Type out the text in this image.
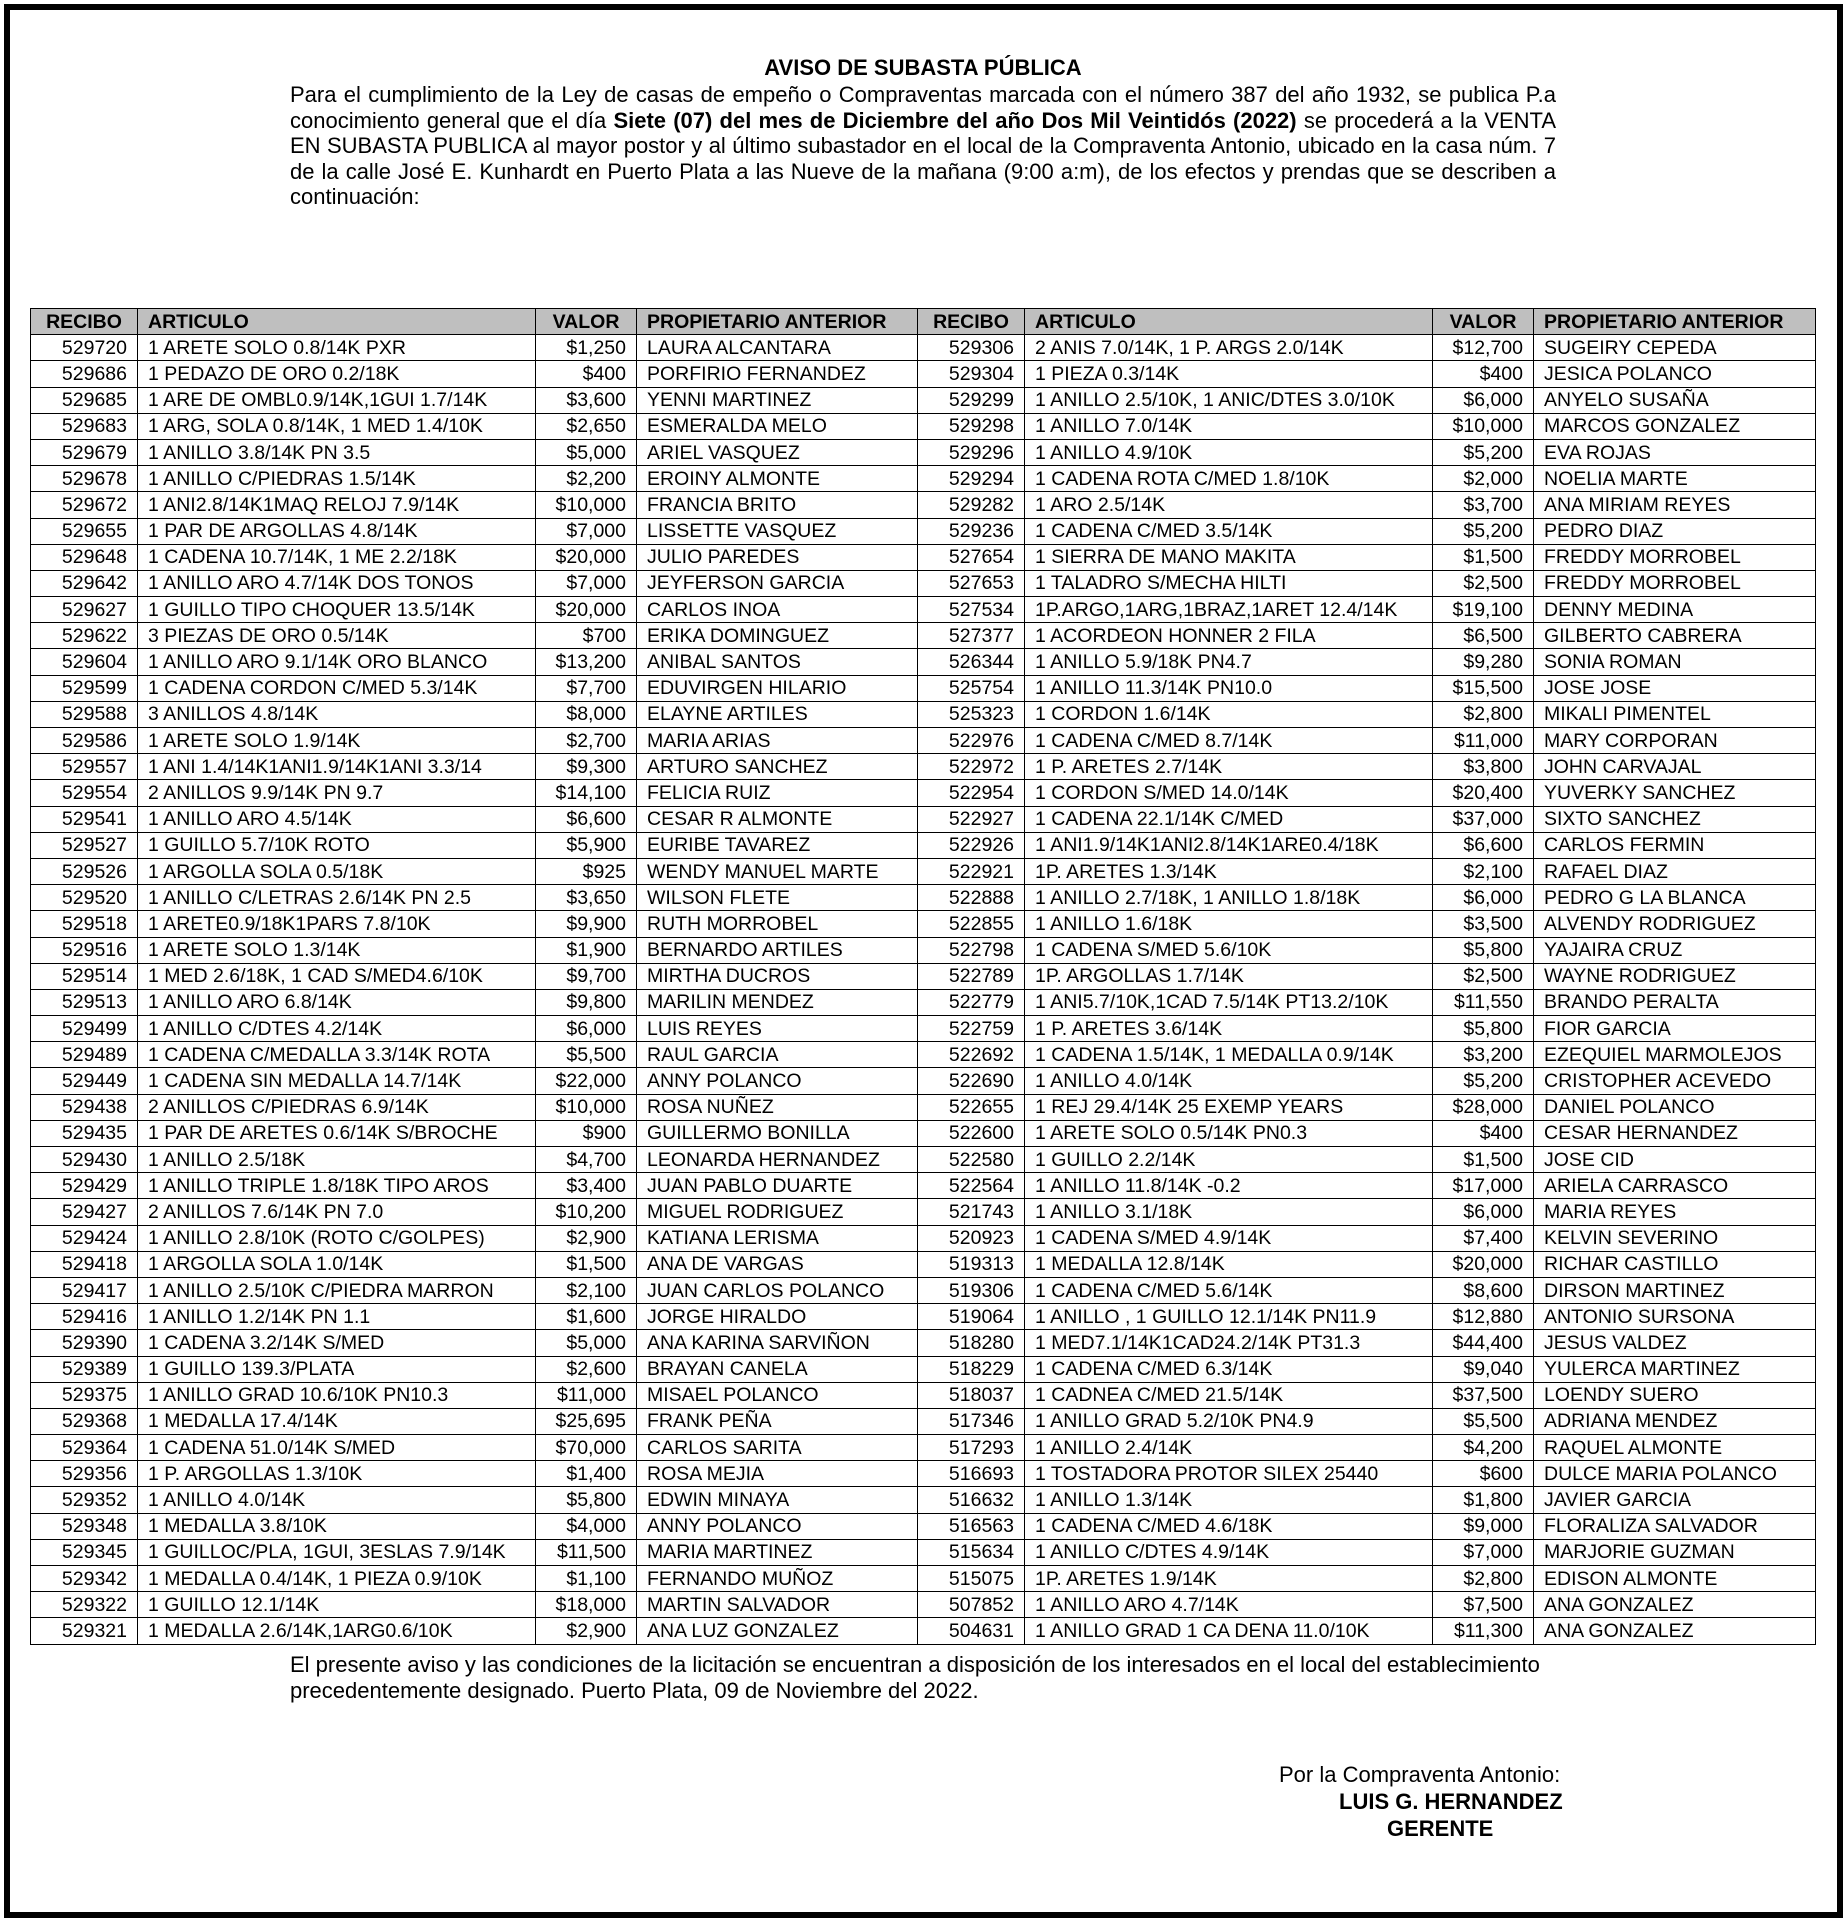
AVISO DE SUBASTA PÚBLICA

Para el cumplimiento de la Ley de casas de empeño o Compraventas marcada con el número 387 del año 1932, se publica P.a conocimiento general que el día Siete (07) del mes de Diciembre del año Dos Mil Veintidós (2022) se procederá a la VENTA EN SUBASTA PUBLICA al mayor postor y al último subastador en el local de la Compraventa Antonio, ubicado en la casa núm. 7 de la calle José E. Kunhardt en Puerto Plata a las Nueve de la mañana (9:00 a:m), de los efectos y prendas que se describen a continuación:

RECIBO	ARTICULO	VALOR	PROPIETARIO ANTERIOR	RECIBO	ARTICULO	VALOR	PROPIETARIO ANTERIOR
529720	1 ARETE SOLO 0.8/14K PXR	$1,250	LAURA ALCANTARA	529306	2 ANIS 7.0/14K, 1 P. ARGS 2.0/14K	$12,700	SUGEIRY CEPEDA
529686	1 PEDAZO DE ORO 0.2/18K	$400	PORFIRIO FERNANDEZ	529304	1 PIEZA 0.3/14K	$400	JESICA POLANCO
529685	1 ARE DE OMBL0.9/14K,1GUI 1.7/14K	$3,600	YENNI MARTINEZ	529299	1 ANILLO 2.5/10K, 1 ANIC/DTES 3.0/10K	$6,000	ANYELO SUSAÑA
529683	1 ARG, SOLA 0.8/14K, 1 MED 1.4/10K	$2,650	ESMERALDA MELO	529298	1 ANILLO 7.0/14K	$10,000	MARCOS GONZALEZ
529679	1 ANILLO 3.8/14K PN 3.5	$5,000	ARIEL VASQUEZ	529296	1 ANILLO 4.9/10K	$5,200	EVA ROJAS
529678	1 ANILLO C/PIEDRAS 1.5/14K	$2,200	EROINY ALMONTE	529294	1 CADENA ROTA C/MED 1.8/10K	$2,000	NOELIA MARTE
529672	1 ANI2.8/14K1MAQ RELOJ 7.9/14K	$10,000	FRANCIA BRITO	529282	1 ARO 2.5/14K	$3,700	ANA MIRIAM REYES
529655	1 PAR DE ARGOLLAS 4.8/14K	$7,000	LISSETTE VASQUEZ	529236	1 CADENA C/MED 3.5/14K	$5,200	PEDRO DIAZ
529648	1 CADENA 10.7/14K, 1 ME 2.2/18K	$20,000	JULIO PAREDES	527654	1 SIERRA DE MANO MAKITA	$1,500	FREDDY MORROBEL
529642	1 ANILLO ARO 4.7/14K DOS TONOS	$7,000	JEYFERSON GARCIA	527653	1 TALADRO S/MECHA HILTI	$2,500	FREDDY MORROBEL
529627	1 GUILLO TIPO CHOQUER 13.5/14K	$20,000	CARLOS INOA	527534	1P.ARGO,1ARG,1BRAZ,1ARET 12.4/14K	$19,100	DENNY MEDINA
529622	3 PIEZAS DE ORO 0.5/14K	$700	ERIKA DOMINGUEZ	527377	1 ACORDEON HONNER 2 FILA	$6,500	GILBERTO CABRERA
529604	1 ANILLO ARO 9.1/14K ORO BLANCO	$13,200	ANIBAL SANTOS	526344	1 ANILLO 5.9/18K PN4.7	$9,280	SONIA ROMAN
529599	1 CADENA CORDON C/MED 5.3/14K	$7,700	EDUVIRGEN HILARIO	525754	1 ANILLO 11.3/14K PN10.0	$15,500	JOSE JOSE
529588	3 ANILLOS 4.8/14K	$8,000	ELAYNE ARTILES	525323	1 CORDON 1.6/14K	$2,800	MIKALI PIMENTEL
529586	1 ARETE SOLO 1.9/14K	$2,700	MARIA ARIAS	522976	1 CADENA C/MED 8.7/14K	$11,000	MARY CORPORAN
529557	1 ANI 1.4/14K1ANI1.9/14K1ANI 3.3/14	$9,300	ARTURO SANCHEZ	522972	1 P. ARETES 2.7/14K	$3,800	JOHN CARVAJAL
529554	2 ANILLOS 9.9/14K PN 9.7	$14,100	FELICIA RUIZ	522954	1 CORDON S/MED 14.0/14K	$20,400	YUVERKY SANCHEZ
529541	1 ANILLO ARO 4.5/14K	$6,600	CESAR R ALMONTE	522927	1 CADENA 22.1/14K C/MED	$37,000	SIXTO SANCHEZ
529527	1 GUILLO 5.7/10K ROTO	$5,900	EURIBE TAVAREZ	522926	1 ANI1.9/14K1ANI2.8/14K1ARE0.4/18K	$6,600	CARLOS FERMIN
529526	1 ARGOLLA SOLA 0.5/18K	$925	WENDY MANUEL MARTE	522921	1P. ARETES 1.3/14K	$2,100	RAFAEL DIAZ
529520	1 ANILLO C/LETRAS 2.6/14K PN 2.5	$3,650	WILSON FLETE	522888	1 ANILLO 2.7/18K, 1 ANILLO 1.8/18K	$6,000	PEDRO G LA BLANCA
529518	1 ARETE0.9/18K1PARS 7.8/10K	$9,900	RUTH MORROBEL	522855	1 ANILLO 1.6/18K	$3,500	ALVENDY RODRIGUEZ
529516	1 ARETE SOLO 1.3/14K	$1,900	BERNARDO ARTILES	522798	1 CADENA S/MED 5.6/10K	$5,800	YAJAIRA CRUZ
529514	1 MED 2.6/18K, 1 CAD S/MED4.6/10K	$9,700	MIRTHA DUCROS	522789	1P. ARGOLLAS 1.7/14K	$2,500	WAYNE RODRIGUEZ
529513	1 ANILLO ARO 6.8/14K	$9,800	MARILIN MENDEZ	522779	1 ANI5.7/10K,1CAD 7.5/14K PT13.2/10K	$11,550	BRANDO PERALTA
529499	1 ANILLO C/DTES 4.2/14K	$6,000	LUIS REYES	522759	1 P. ARETES 3.6/14K	$5,800	FIOR GARCIA
529489	1 CADENA C/MEDALLA 3.3/14K ROTA	$5,500	RAUL GARCIA	522692	1 CADENA 1.5/14K, 1 MEDALLA 0.9/14K	$3,200	EZEQUIEL MARMOLEJOS
529449	1 CADENA SIN MEDALLA 14.7/14K	$22,000	ANNY POLANCO	522690	1 ANILLO 4.0/14K	$5,200	CRISTOPHER ACEVEDO
529438	2 ANILLOS C/PIEDRAS 6.9/14K	$10,000	ROSA NUÑEZ	522655	1 REJ 29.4/14K 25 EXEMP YEARS	$28,000	DANIEL POLANCO
529435	1 PAR DE ARETES 0.6/14K S/BROCHE	$900	GUILLERMO BONILLA	522600	1 ARETE SOLO 0.5/14K PN0.3	$400	CESAR HERNANDEZ
529430	1 ANILLO 2.5/18K	$4,700	LEONARDA HERNANDEZ	522580	1 GUILLO 2.2/14K	$1,500	JOSE CID
529429	1 ANILLO TRIPLE 1.8/18K TIPO AROS	$3,400	JUAN PABLO DUARTE	522564	1 ANILLO 11.8/14K -0.2	$17,000	ARIELA CARRASCO
529427	2 ANILLOS 7.6/14K PN 7.0	$10,200	MIGUEL RODRIGUEZ	521743	1 ANILLO 3.1/18K	$6,000	MARIA REYES
529424	1 ANILLO 2.8/10K (ROTO C/GOLPES)	$2,900	KATIANA LERISMA	520923	1 CADENA S/MED 4.9/14K	$7,400	KELVIN SEVERINO
529418	1 ARGOLLA SOLA 1.0/14K	$1,500	ANA DE VARGAS	519313	1 MEDALLA 12.8/14K	$20,000	RICHAR CASTILLO
529417	1 ANILLO 2.5/10K C/PIEDRA MARRON	$2,100	JUAN CARLOS POLANCO	519306	1 CADENA C/MED 5.6/14K	$8,600	DIRSON MARTINEZ
529416	1 ANILLO 1.2/14K PN 1.1	$1,600	JORGE HIRALDO	519064	1 ANILLO , 1 GUILLO 12.1/14K PN11.9	$12,880	ANTONIO SURSONA
529390	1 CADENA 3.2/14K S/MED	$5,000	ANA KARINA SARVIÑON	518280	1 MED7.1/14K1CAD24.2/14K PT31.3	$44,400	JESUS VALDEZ
529389	1 GUILLO 139.3/PLATA	$2,600	BRAYAN CANELA	518229	1 CADENA C/MED 6.3/14K	$9,040	YULERCA MARTINEZ
529375	1 ANILLO GRAD 10.6/10K PN10.3	$11,000	MISAEL POLANCO	518037	1 CADNEA C/MED 21.5/14K	$37,500	LOENDY SUERO
529368	1 MEDALLA 17.4/14K	$25,695	FRANK PEÑA	517346	1 ANILLO GRAD 5.2/10K PN4.9	$5,500	ADRIANA MENDEZ
529364	1 CADENA 51.0/14K S/MED	$70,000	CARLOS SARITA	517293	1 ANILLO 2.4/14K	$4,200	RAQUEL ALMONTE
529356	1 P. ARGOLLAS 1.3/10K	$1,400	ROSA MEJIA	516693	1 TOSTADORA PROTOR SILEX 25440	$600	DULCE MARIA POLANCO
529352	1 ANILLO 4.0/14K	$5,800	EDWIN MINAYA	516632	1 ANILLO 1.3/14K	$1,800	JAVIER GARCIA
529348	1 MEDALLA 3.8/10K	$4,000	ANNY POLANCO	516563	1 CADENA C/MED 4.6/18K	$9,000	FLORALIZA SALVADOR
529345	1 GUILLOC/PLA, 1GUI, 3ESLAS 7.9/14K	$11,500	MARIA MARTINEZ	515634	1 ANILLO C/DTES 4.9/14K	$7,000	MARJORIE GUZMAN
529342	1 MEDALLA 0.4/14K, 1 PIEZA 0.9/10K	$1,100	FERNANDO MUÑOZ	515075	1P. ARETES 1.9/14K	$2,800	EDISON ALMONTE
529322	1 GUILLO 12.1/14K	$18,000	MARTIN SALVADOR	507852	1 ANILLO ARO 4.7/14K	$7,500	ANA GONZALEZ
529321	1 MEDALLA 2.6/14K,1ARG0.6/10K	$2,900	ANA LUZ GONZALEZ	504631	1 ANILLO GRAD 1 CA DENA 11.0/10K	$11,300	ANA GONZALEZ

El presente aviso y las condiciones de la licitación se encuentran a disposición de los interesados en el local del establecimiento precedentemente designado. Puerto Plata, 09 de Noviembre del 2022.

Por la Compraventa Antonio:
LUIS G. HERNANDEZ
GERENTE
